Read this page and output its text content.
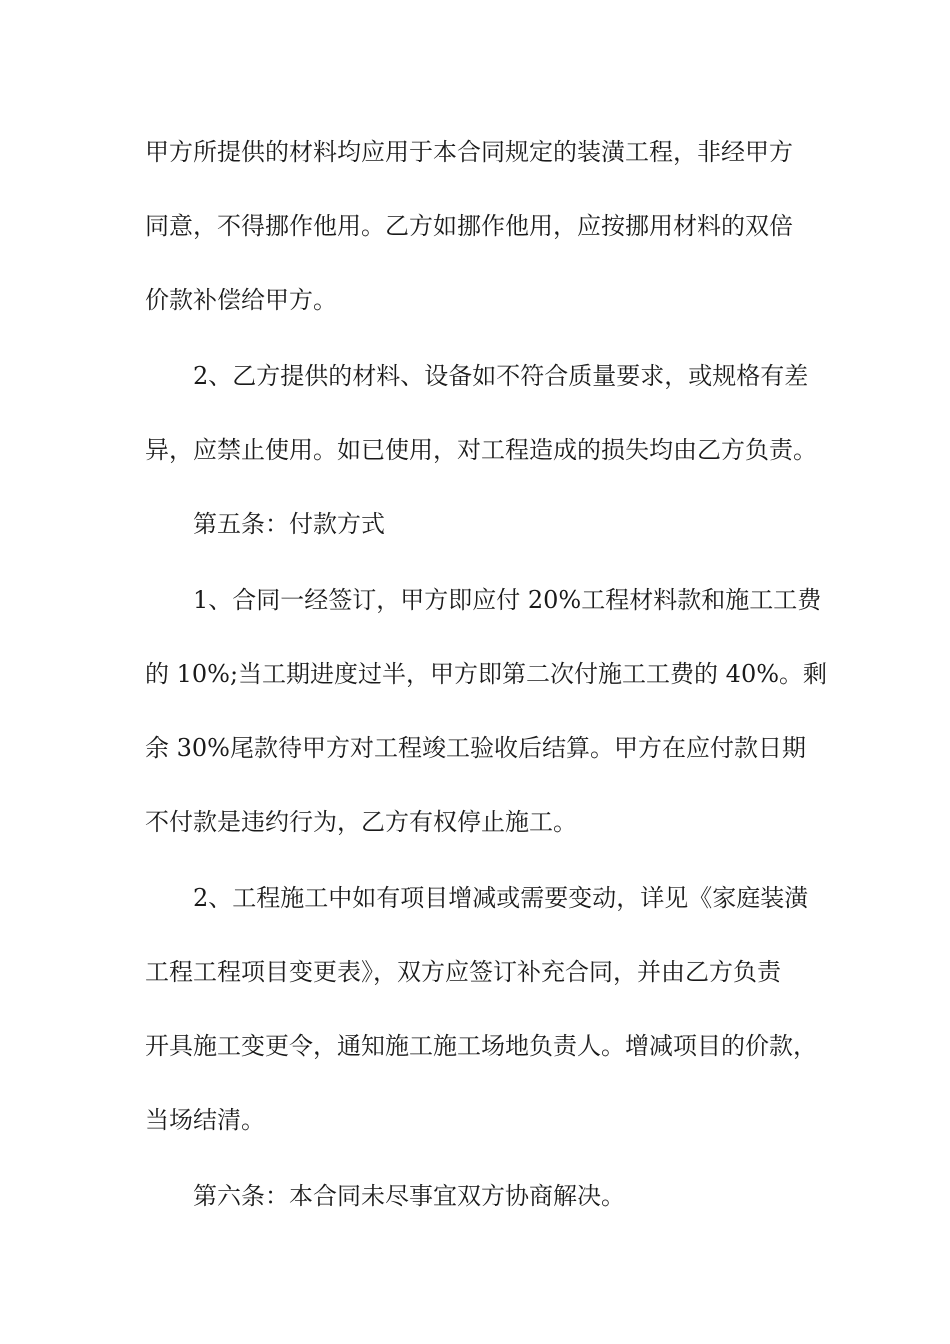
甲方所提供的材料均应用于本合同规定的装潢工程，非经甲方
同意，不得挪作他用。乙方如挪作他用，应按挪用材料的双倍
价款补偿给甲方。
2、乙方提供的材料、设备如不符合质量要求，或规格有差
异，应禁止使用。如已使用，对工程造成的损失均由乙方负责。
第五条：付款方式
1、合同一经签订，甲方即应付 20%工程材料款和施工工费
的 10%;当工期进度过半，甲方即第二次付施工工费的 40%。剩
余 30%尾款待甲方对工程竣工验收后结算。甲方在应付款日期
不付款是违约行为，乙方有权停止施工。
2、工程施工中如有项目增减或需要变动，详见《家庭装潢
工程工程项目变更表》，双方应签订补充合同，并由乙方负责
开具施工变更令，通知施工施工场地负责人。增减项目的价款，
当场结清。
第六条：本合同未尽事宜双方协商解决。
